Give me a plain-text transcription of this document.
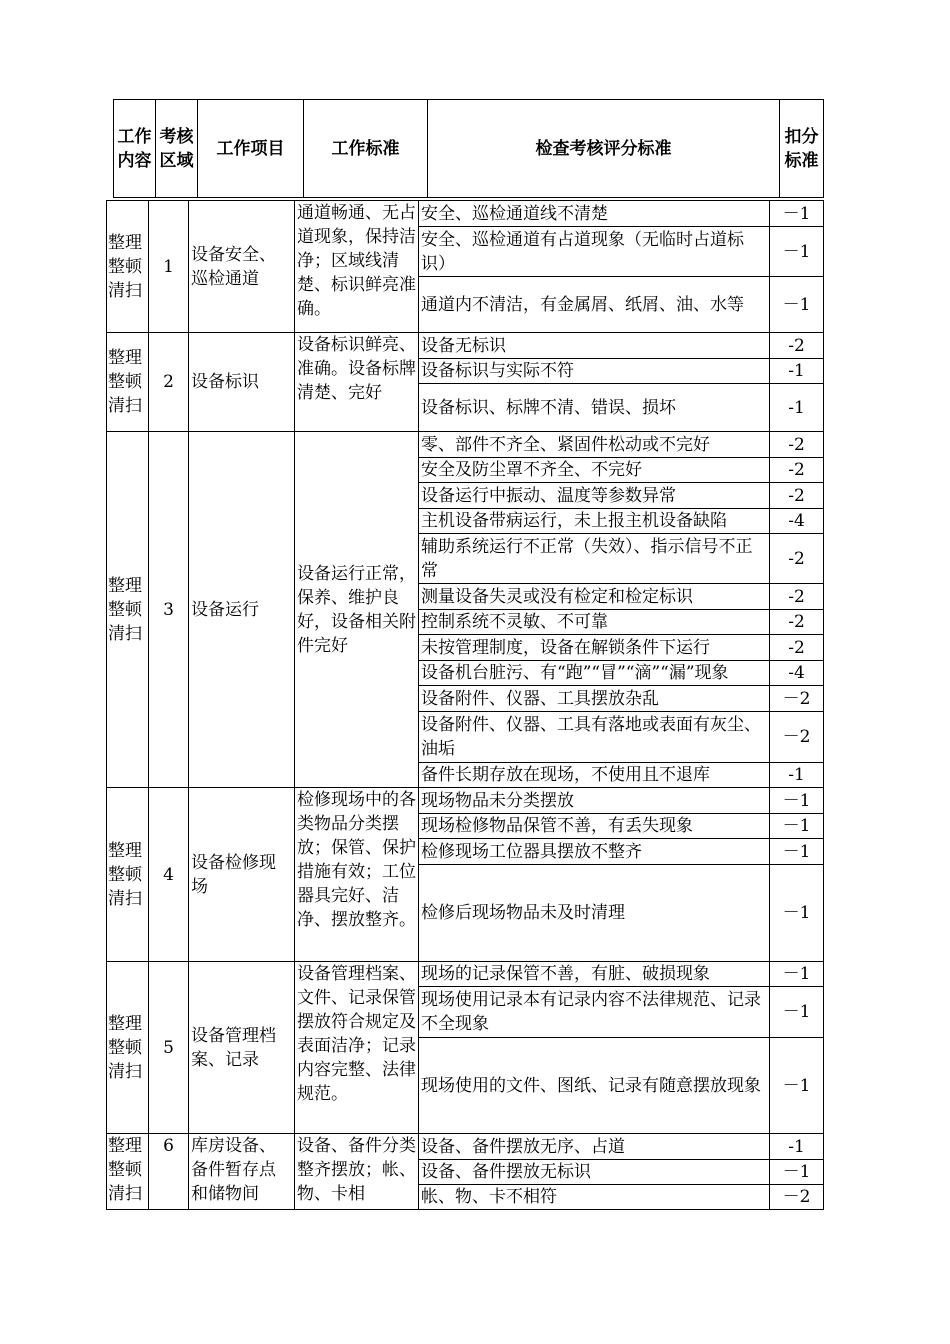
工作内容	考核区域	工作项目	工作标准	检查考核评分标准	扣分标准
整理整顿清扫	1	设备安全、巡检通道	通道畅通、无占道现象，保持洁净；区域线清楚、标识鲜亮准确。	安全、巡检通道线不清楚	－1
				安全、巡检通道有占道现象（无临时占道标识）	－1
				通道内不清洁，有金属屑、纸屑、油、水等	－1
整理整顿清扫	2	设备标识	设备标识鲜亮、准确。设备标牌清楚、完好	设备无标识	-2
				设备标识与实际不符	-1
				设备标识、标牌不清、错误、损坏	-1
整理整顿清扫	3	设备运行	设备运行正常，保养、维护良好，设备相关附件完好	零、部件不齐全、紧固件松动或不完好	-2
				安全及防尘罩不齐全、不完好	-2
				设备运行中振动、温度等参数异常	-2
				主机设备带病运行，未上报主机设备缺陷	-4
				辅助系统运行不正常（失效）、指示信号不正常	-2
				测量设备失灵或没有检定和检定标识	-2
				控制系统不灵敏、不可靠	-2
				未按管理制度，设备在解锁条件下运行	-2
				设备机台脏污、有“跑”“冒”“滴”“漏”现象	-4
				设备附件、仪器、工具摆放杂乱	－2
				设备附件、仪器、工具有落地或表面有灰尘、油垢	－2
				备件长期存放在现场，不使用且不退库	-1
整理整顿清扫	4	设备检修现场	检修现场中的各类物品分类摆放；保管、保护措施有效；工位器具完好、洁净、摆放整齐。	现场物品未分类摆放	－1
				现场检修物品保管不善，有丢失现象	－1
				检修现场工位器具摆放不整齐	－1
				检修后现场物品未及时清理	－1
整理整顿清扫	5	设备管理档案、记录	设备管理档案、文件、记录保管摆放符合规定及表面洁净；记录内容完整、法律规范。	现场的记录保管不善，有脏、破损现象	－1
				现场使用记录本有记录内容不法律规范、记录不全现象	－1
				现场使用的文件、图纸、记录有随意摆放现象	－1
整理整顿清扫	6	库房设备、备件暂存点和储物间	设备、备件分类整齐摆放；帐、物、卡相	设备、备件摆放无序、占道	-1
				设备、备件摆放无标识	－1
				帐、物、卡不相符	－2
